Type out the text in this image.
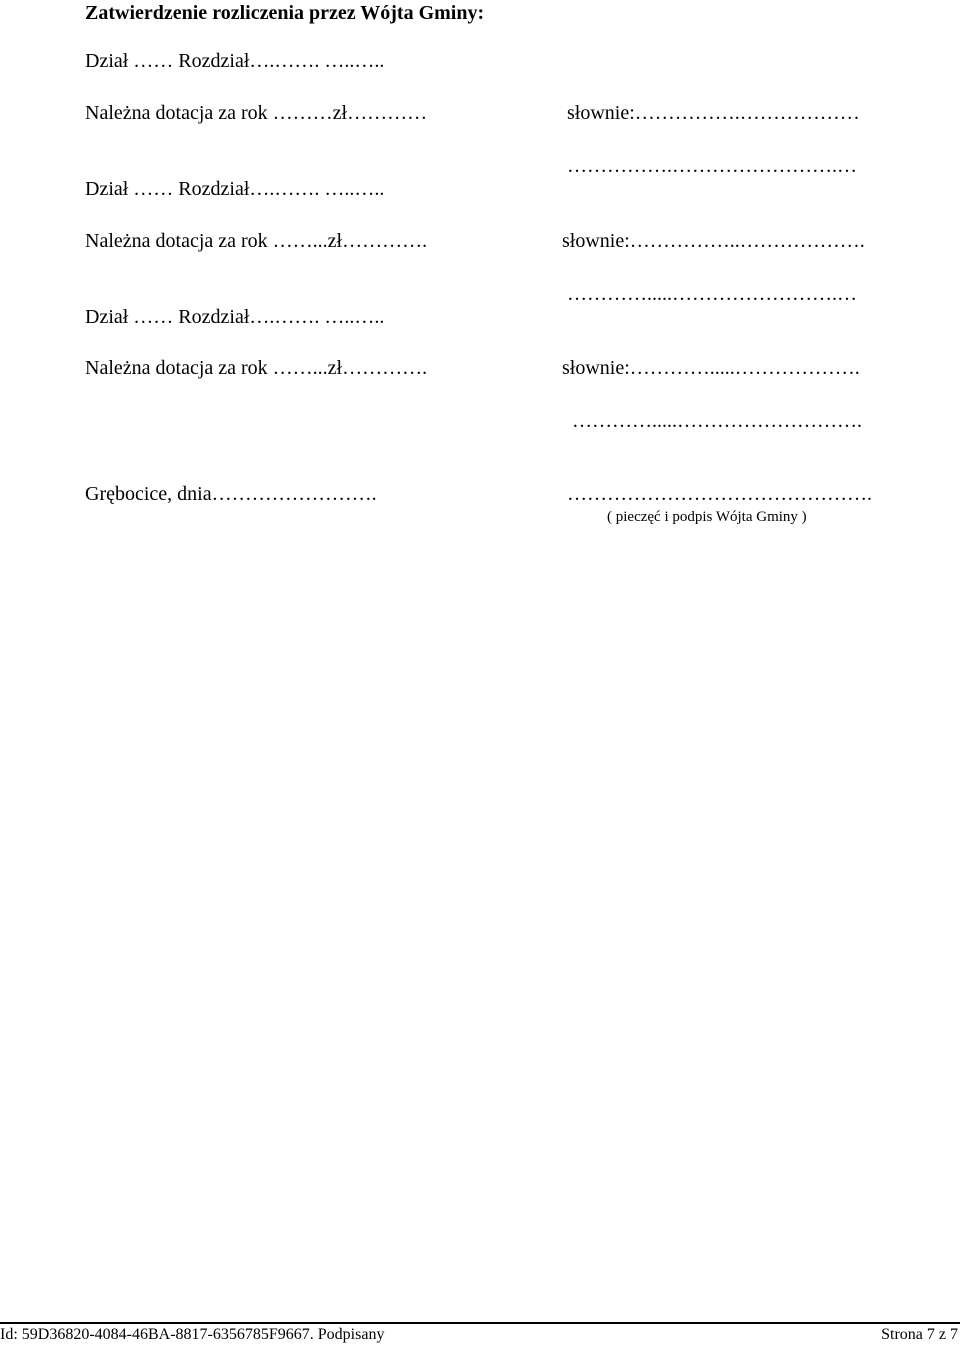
Zatwierdzenie rozliczenia przez Wójta Gminy:
Dział …… Rozdział….……. …..…..
Należna dotacja za rok ………zł…………	słownie:…………….………………
…………….…………………….…
Dział …… Rozdział….……. …..…..
Należna dotacja za rok ……...zł………….	słownie:……………..……………….
………….....…………………….…
Dział …… Rozdział….……. …..…..
Należna dotacja za rok ……...zł………….	słownie:………….....……………….
………….....……………………….
Grębocice, dnia…………………….	……………………………………….
( pieczęć i podpis Wójta Gminy )
Id: 59D36820-4084-46BA-8817-6356785F9667. Podpisany	Strona 7 z 7
